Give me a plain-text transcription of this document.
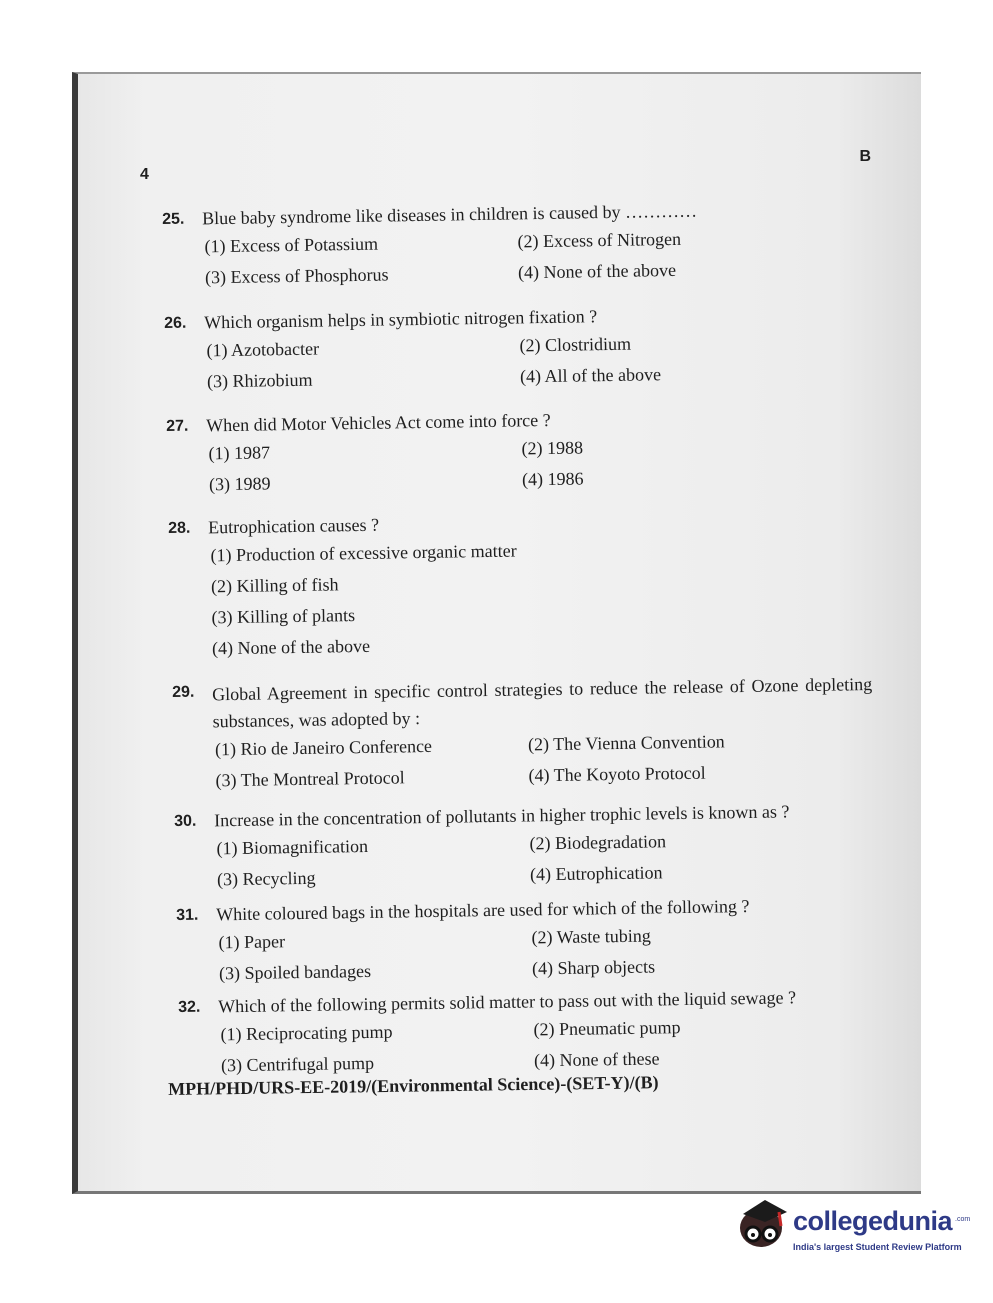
4
B
25. Blue baby syndrome like diseases in children is caused by …………
(1) Excess of Potassium	(2) Excess of Nitrogen
(3) Excess of Phosphorus	(4) None of the above
26. Which organism helps in symbiotic nitrogen fixation ?
(1) Azotobacter	(2) Clostridium
(3) Rhizobium	(4) All of the above
27. When did Motor Vehicles Act come into force ?
(1) 1987	(2) 1988
(3) 1989	(4) 1986
28. Eutrophication causes ?
(1) Production of excessive organic matter
(2) Killing of fish
(3) Killing of plants
(4) None of the above
29. Global Agreement in specific control strategies to reduce the release of Ozone depleting substances, was adopted by :
(1) Rio de Janeiro Conference	(2) The Vienna Convention
(3) The Montreal Protocol	(4) The Koyoto Protocol
30. Increase in the concentration of pollutants in higher trophic levels is known as ?
(1) Biomagnification	(2) Biodegradation
(3) Recycling	(4) Eutrophication
31. White coloured bags in the hospitals are used for which of the following ?
(1) Paper	(2) Waste tubing
(3) Spoiled bandages	(4) Sharp objects
32. Which of the following permits solid matter to pass out with the liquid sewage ?
(1) Reciprocating pump	(2) Pneumatic pump
(3) Centrifugal pump	(4) None of these
MPH/PHD/URS-EE-2019/(Environmental Science)-(SET-Y)/(B)
collegedunia .com
India's largest Student Review Platform
